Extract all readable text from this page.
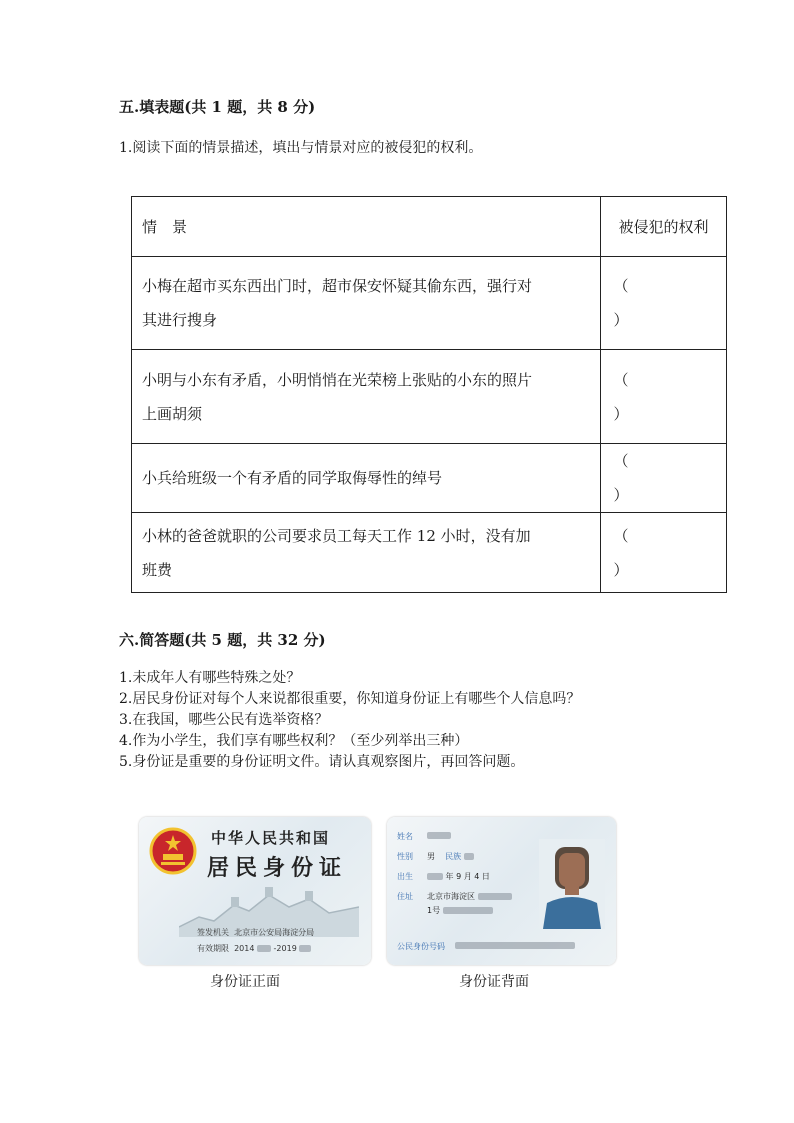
五.填表题(共 1 题，共 8 分)
1.阅读下面的情景描述，填出与情景对应的被侵犯的权利。
情　景	被侵犯的权利

小梅在超市买东西出门时，超市保安怀疑其偷东西，强行对
其进行搜身	（）

小明与小东有矛盾，小明悄悄在光荣榜上张贴的小东的照片
上画胡须	（）

小兵给班级一个有矛盾的同学取侮辱性的绰号	（）

小林的爸爸就职的公司要求员工每天工作 12 小时，没有加
班费	（）
六.简答题(共 5 题，共 32 分)
1.未成年人有哪些特殊之处？
2.居民身份证对每个人来说都很重要，你知道身份证上有哪些个人信息吗？
3.在我国，哪些公民有选举资格？
4.作为小学生，我们享有哪些权利？（至少列举出三种）
5.身份证是重要的身份证明文件。请认真观察图片，再回答问题。
中华人民共和国
居民身份证
签发机关 北京市公安局海淀分局
有效期限 2014 -2019
身份证正面
姓名
性别 男 民族
出生	年 9 月 4 日
住址 北京市海淀区
1号
公民身份号码
身份证背面
